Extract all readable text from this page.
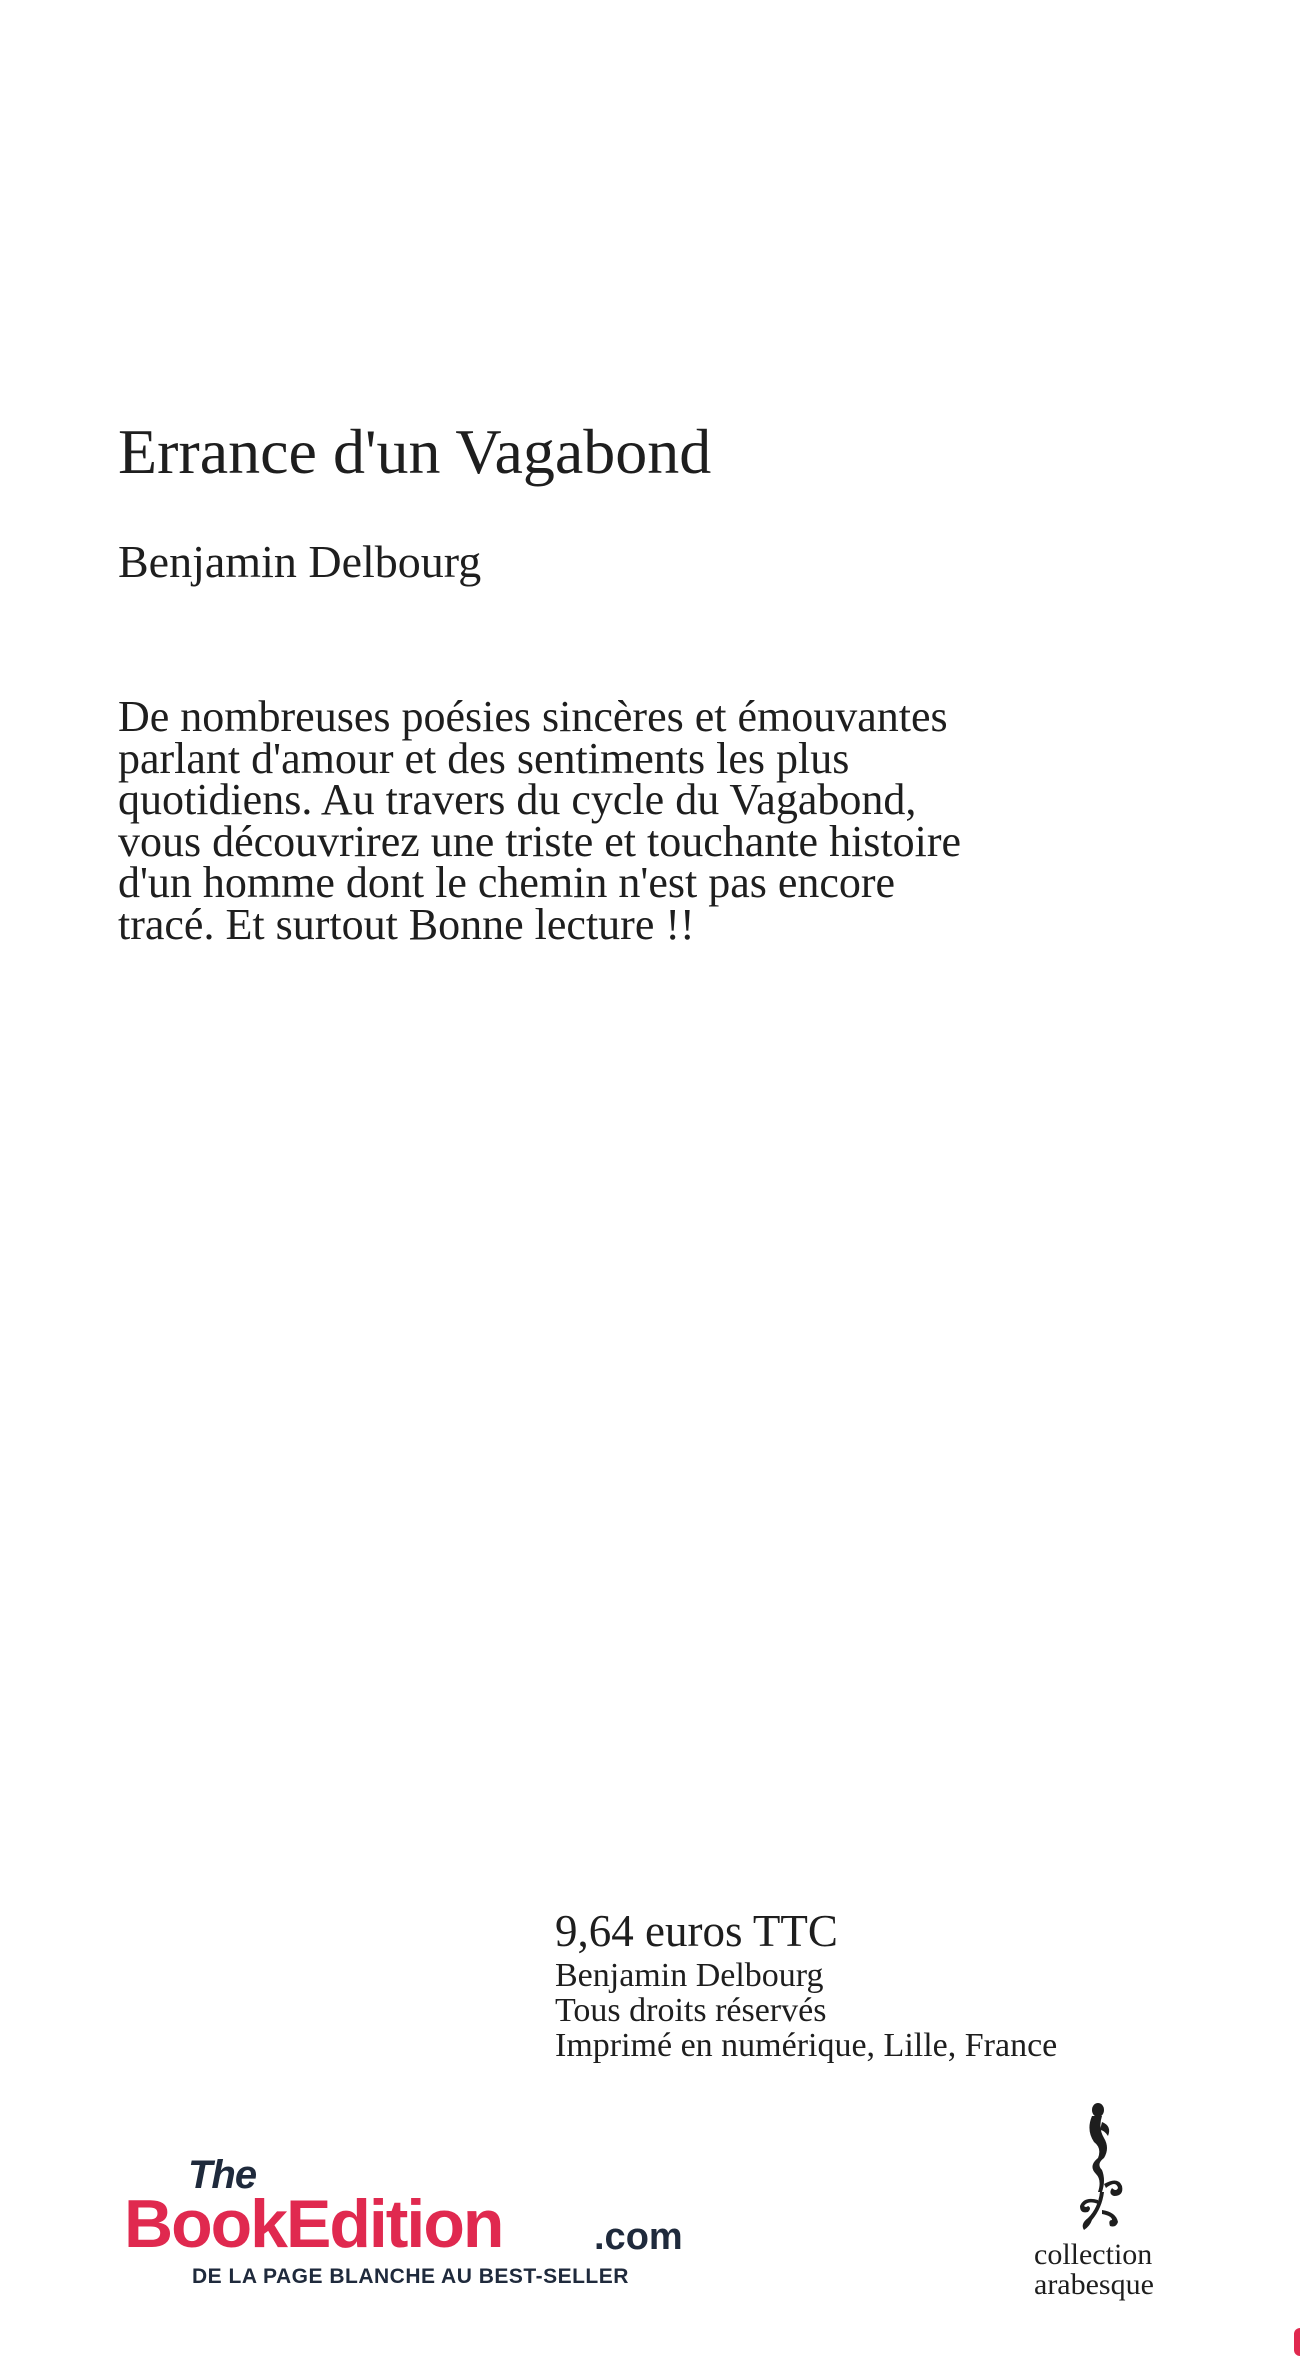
Errance d'un Vagabond
Benjamin Delbourg

De nombreuses poésies sincères et émouvantes parlant d'amour et des sentiments les plus quotidiens. Au travers du cycle du Vagabond, vous découvrirez une triste et touchante histoire d'un homme dont le chemin n'est pas encore tracé. Et surtout Bonne lecture !!

9,64 euros TTC
Benjamin Delbourg
Tous droits réservés
Imprimé en numérique, Lille, France
The
BookEdition .com
DE LA PAGE BLANCHE AU BEST-SELLER
collection
arabesque
